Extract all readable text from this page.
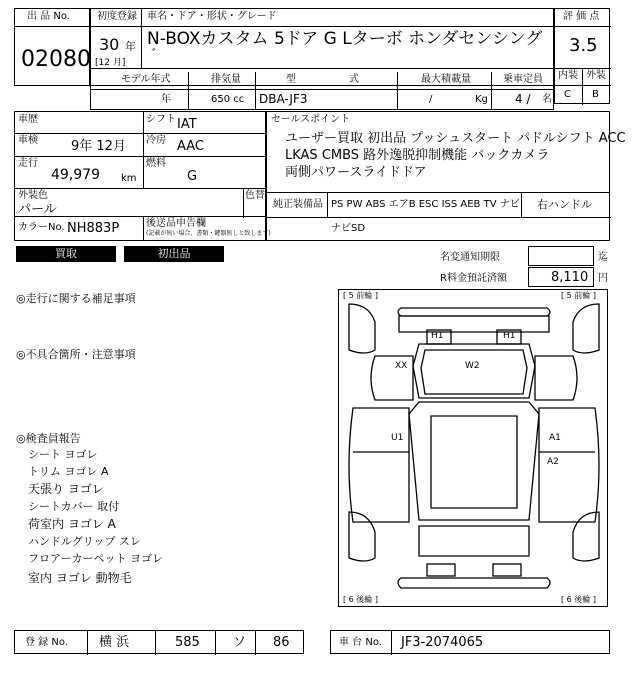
出 品 No.
02080
初度登録 車名・ドア・形状・グレード
30 年
[12 月]
N-BOXカスタム 5ドア G Lターボ ホンダセンシング
゛
評 価 点
3.5
内装 外装
C B
モデル年式
年
排気量
650 cc
型	式
DBA-JF3
最大積載量
/	Kg
乗車定員
4 / 名
車歴	シフト IAT
車検	9年 12月 冷房 AAC
走行
49,979 km
燃料
G
外装色
パール
色替
カラーNo. NH883P	後送品申告欄
(記載が無い場合、書類・鍵器無しと致します)
セールスポイント
ユーザー買取 初出品 プッシュスタート パドルシフト ACC
LKAS CMBS 路外逸脱抑制機能 バックカメラ
両側パワースライドドア
純正装備品 PS PW ABS エアB ESC ISS AEB TV ナビ 右ハンドル
ナビSD
買取	初出品	名変通知期限	迄
R料金預託済額	8,110 円
◎走行に関する補足事項
◎不具合箇所・注意事項
◎検査員報告
シート ヨゴレ
トリム ヨゴレ A
天張り ヨゴレ
シートカバー 取付
荷室内 ヨゴレ A
ハンドルグリップ スレ
フロアーカーペット ヨゴレ
室内 ヨゴレ 動物毛
[ 5 前輪 ]	[ 5 前輪 ]
[ 6 後輪 ]	[ 6 後輪 ]
H1	H1
XX	W2
U1	A1
A2
登 録 No. 横 浜	585	ソ 86	車 台 No. JF3-2074065
